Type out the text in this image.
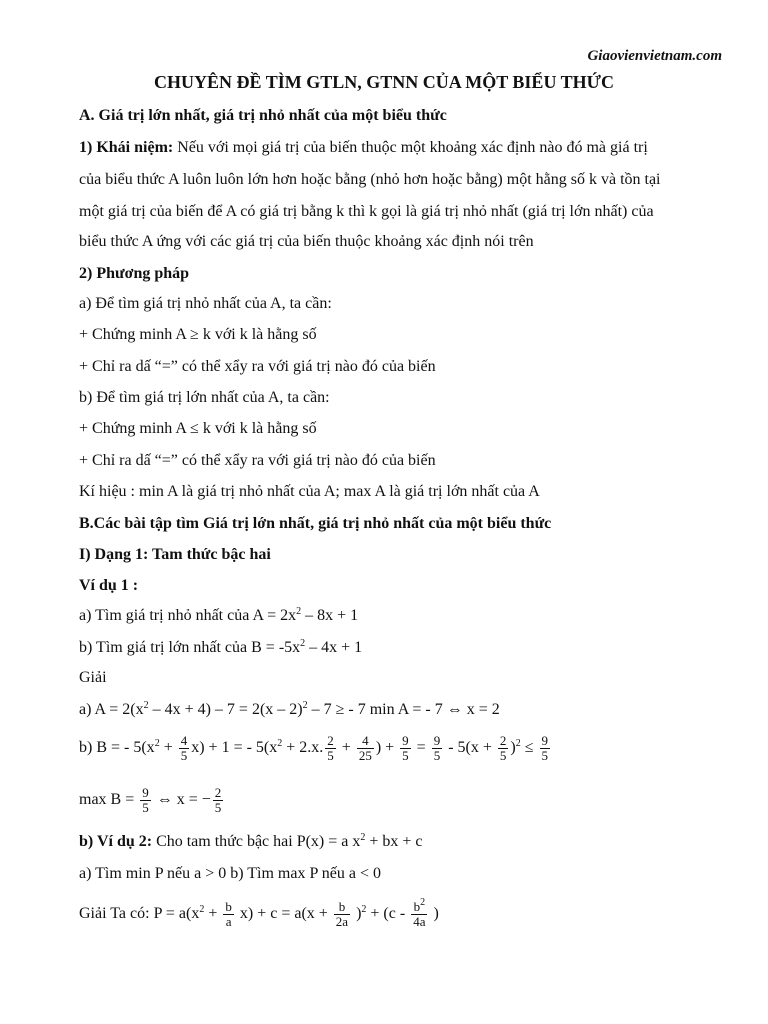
Giaovienvietnam.com
CHUYÊN ĐỀ TÌM GTLN, GTNN CỦA MỘT BIỂU THỨC
A. Giá trị lớn nhất, giá trị nhỏ nhất của một biểu thức
1) Khái niệm: Nếu với mọi giá trị của biến thuộc một khoảng xác định nào đó mà giá trị
của biểu thức A luôn luôn lớn hơn hoặc bằng (nhỏ hơn hoặc bằng) một hằng số k và tồn tại
một giá trị của biến để A có giá trị bằng k thì k gọi là giá trị nhỏ nhất (giá trị lớn nhất) của
biểu thức A ứng với các giá trị của biến thuộc khoảng xác định nói trên
2) Phương pháp
a) Để tìm giá trị nhỏ nhất của A, ta cần:
+ Chứng minh A ≥ k với k là hằng số
+ Chỉ ra dấ “=” có thể xẩy ra với giá trị nào đó của biến
b) Để tìm giá trị lớn nhất của A, ta cần:
+ Chứng minh A ≤ k với k là hằng số
+ Chỉ ra dấ “=” có thể xẩy ra với giá trị nào đó của biến
Kí hiệu : min A là giá trị nhỏ nhất của A; max A là giá trị lớn nhất của A
B.Các bài tập tìm Giá trị lớn nhất, giá trị nhỏ nhất của một biểu thức
I) Dạng 1: Tam thức bậc hai
Ví dụ 1 :
a) Tìm giá trị nhỏ nhất của $A = 2x^2 - 8x + 1$
b) Tìm giá trị lớn nhất của $B = -5x^2 - 4x + 1$
Giải
a) $A = 2(x^2 - 4x + 4) - 7 = 2(x - 2)^2 - 7$ ≥ - 7 min A = - 7 ⇔ x = 2
b) B = - $5(x^2 + \frac{4}{5} x) + 1$ = - $5(x^2 + 2.x$. $\frac{2}{5} + \frac{4}{25}$ ) + $\frac{9}{5} = \frac{9}{5} - 5(x + \frac{2}{5} )^2 \le \frac{9}{5}$
$\max B = \frac{9}{5}$ ⇔ x = − $\frac{2}{5}$
b) Ví dụ 2: Cho tam thức bậc hai P(x) = a $x^2$ + bx + c
a) Tìm min P nếu a > 0 b) Tìm max P nếu a < 0
Giải Ta có: $P = a(x^2 + \frac{b}{a} x) + c = a(x + \frac{b}{2a} )^2 + (c - \frac{b^2}{4a}$ )
